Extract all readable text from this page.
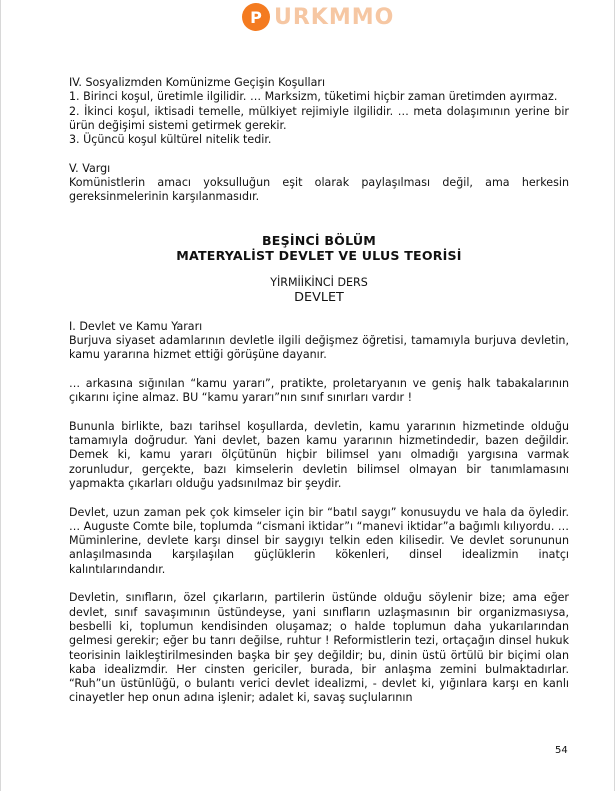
P URKMMO

IV. Sosyalizmden Komünizme Geçişin Koşulları

1. Birinci koşul, üretimle ilgilidir. … Marksizm, tüketimi hiçbir zaman üretimden ayırmaz.

2. İkinci koşul, iktisadi temelle, mülkiyet rejimiyle ilgilidir. … meta dolaşımının yerine bir ürün değişimi sistemi getirmek gerekir.

3. Üçüncü koşul kültürel nitelik tedir.

V. Vargı

Komünistlerin amacı yoksulluğun eşit olarak paylaşılması değil, ama herkesin gereksinmelerinin karşılanmasıdır.

BEŞİNCİ BÖLÜM
MATERYALİST DEVLET VE ULUS TEORİSİ
YİRMİİKİNCİ DERS
DEVLET

I. Devlet ve Kamu Yararı

Burjuva siyaset adamlarının devletle ilgili değişmez öğretisi, tamamıyla burjuva devletin, kamu yararına hizmet ettiği görüşüne dayanır.

… arkasına sığınılan “kamu yararı”, pratikte, proletaryanın ve geniş halk tabakalarının çıkarını içine almaz. BU “kamu yararı”nın sınıf sınırları vardır !

Bununla birlikte, bazı tarihsel koşullarda, devletin, kamu yararının hizmetinde olduğu tamamıyla doğrudur. Yani devlet, bazen kamu yararının hizmetindedir, bazen değildir. Demek ki, kamu yararı ölçütünün hiçbir bilimsel yanı olmadığı yargısına varmak zorunludur, gerçekte, bazı kimselerin devletin bilimsel olmayan bir tanımlamasını yapmakta çıkarları olduğu yadsınılmaz bir şeydir.

Devlet, uzun zaman pek çok kimseler için bir “batıl saygı” konusuydu ve hala da öyledir. … Auguste Comte bile, toplumda “cismani iktidar”ı “manevi iktidar”a bağımlı kılıyordu. … Müminlerine, devlete karşı dinsel bir saygıyı telkin eden kilisedir. Ve devlet sorununun anlaşılmasında karşılaşılan güçlüklerin kökenleri, dinsel idealizmin inatçı kalıntılarındandır.

Devletin, sınıfların, özel çıkarların, partilerin üstünde olduğu söylenir bize; ama eğer devlet, sınıf savaşımının üstündeyse, yani sınıfların uzlaşmasının bir organizmasıysa, besbelli ki, toplumun kendisinden oluşamaz; o halde toplumun daha yukarılarından gelmesi gerekir; eğer bu tanrı değilse, ruhtur ! Reformistlerin tezi, ortaçağın dinsel hukuk teorisinin laikleştirilmesinden başka bir şey değildir; bu, dinin üstü örtülü bir biçimi olan kaba idealizmdir. Her cinsten gericiler, burada, bir anlaşma zemini bulmaktadırlar. “Ruh”un üstünlüğü, o bulantı verici devlet idealizmi, - devlet ki, yığınlara karşı en kanlı cinayetler hep onun adına işlenir; adalet ki, savaş suçlularının

54
